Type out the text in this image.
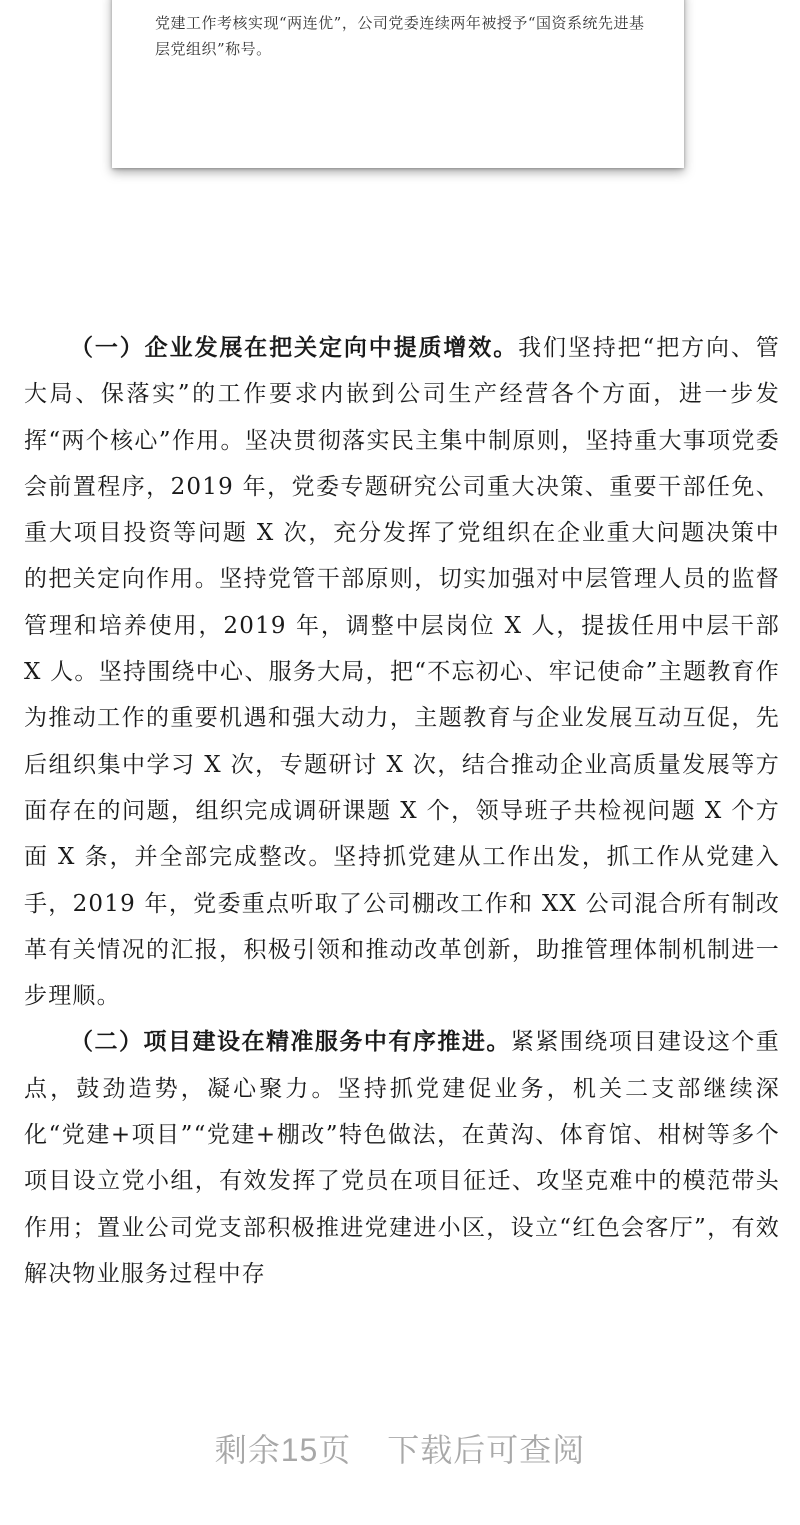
党建工作考核实现“两连优”，公司党委连续两年被授予“国资系统先进基层党组织”称号。

（一）企业发展在把关定向中提质增效。我们坚持把“把方向、管大局、保落实”的工作要求内嵌到公司生产经营各个方面，进一步发挥“两个核心”作用。坚决贯彻落实民主集中制原则，坚持重大事项党委会前置程序，2019 年，党委专题研究公司重大决策、重要干部任免、重大项目投资等问题 X 次，充分发挥了党组织在企业重大问题决策中的把关定向作用。坚持党管干部原则，切实加强对中层管理人员的监督管理和培养使用，2019 年，调整中层岗位 X 人，提拔任用中层干部 X 人。坚持围绕中心、服务大局，把“不忘初心、牢记使命”主题教育作为推动工作的重要机遇和强大动力，主题教育与企业发展互动互促，先后组织集中学习 X 次，专题研讨 X 次，结合推动企业高质量发展等方面存在的问题，组织完成调研课题 X 个，领导班子共检视问题 X 个方面 X 条，并全部完成整改。坚持抓党建从工作出发，抓工作从党建入手，2019 年，党委重点听取了公司棚改工作和 XX 公司混合所有制改革有关情况的汇报，积极引领和推动改革创新，助推管理体制机制进一步理顺。

（二）项目建设在精准服务中有序推进。紧紧围绕项目建设这个重点，鼓劲造势，凝心聚力。坚持抓党建促业务，机关二支部继续深化“党建+项目”“党建+棚改”特色做法，在黄沟、体育馆、柑树等多个项目设立党小组，有效发挥了党员在项目征迁、攻坚克难中的模范带头作用；置业公司党支部积极推进党建进小区，设立“红色会客厅”，有效解决物业服务过程中存

剩余15页 下载后可查阅
